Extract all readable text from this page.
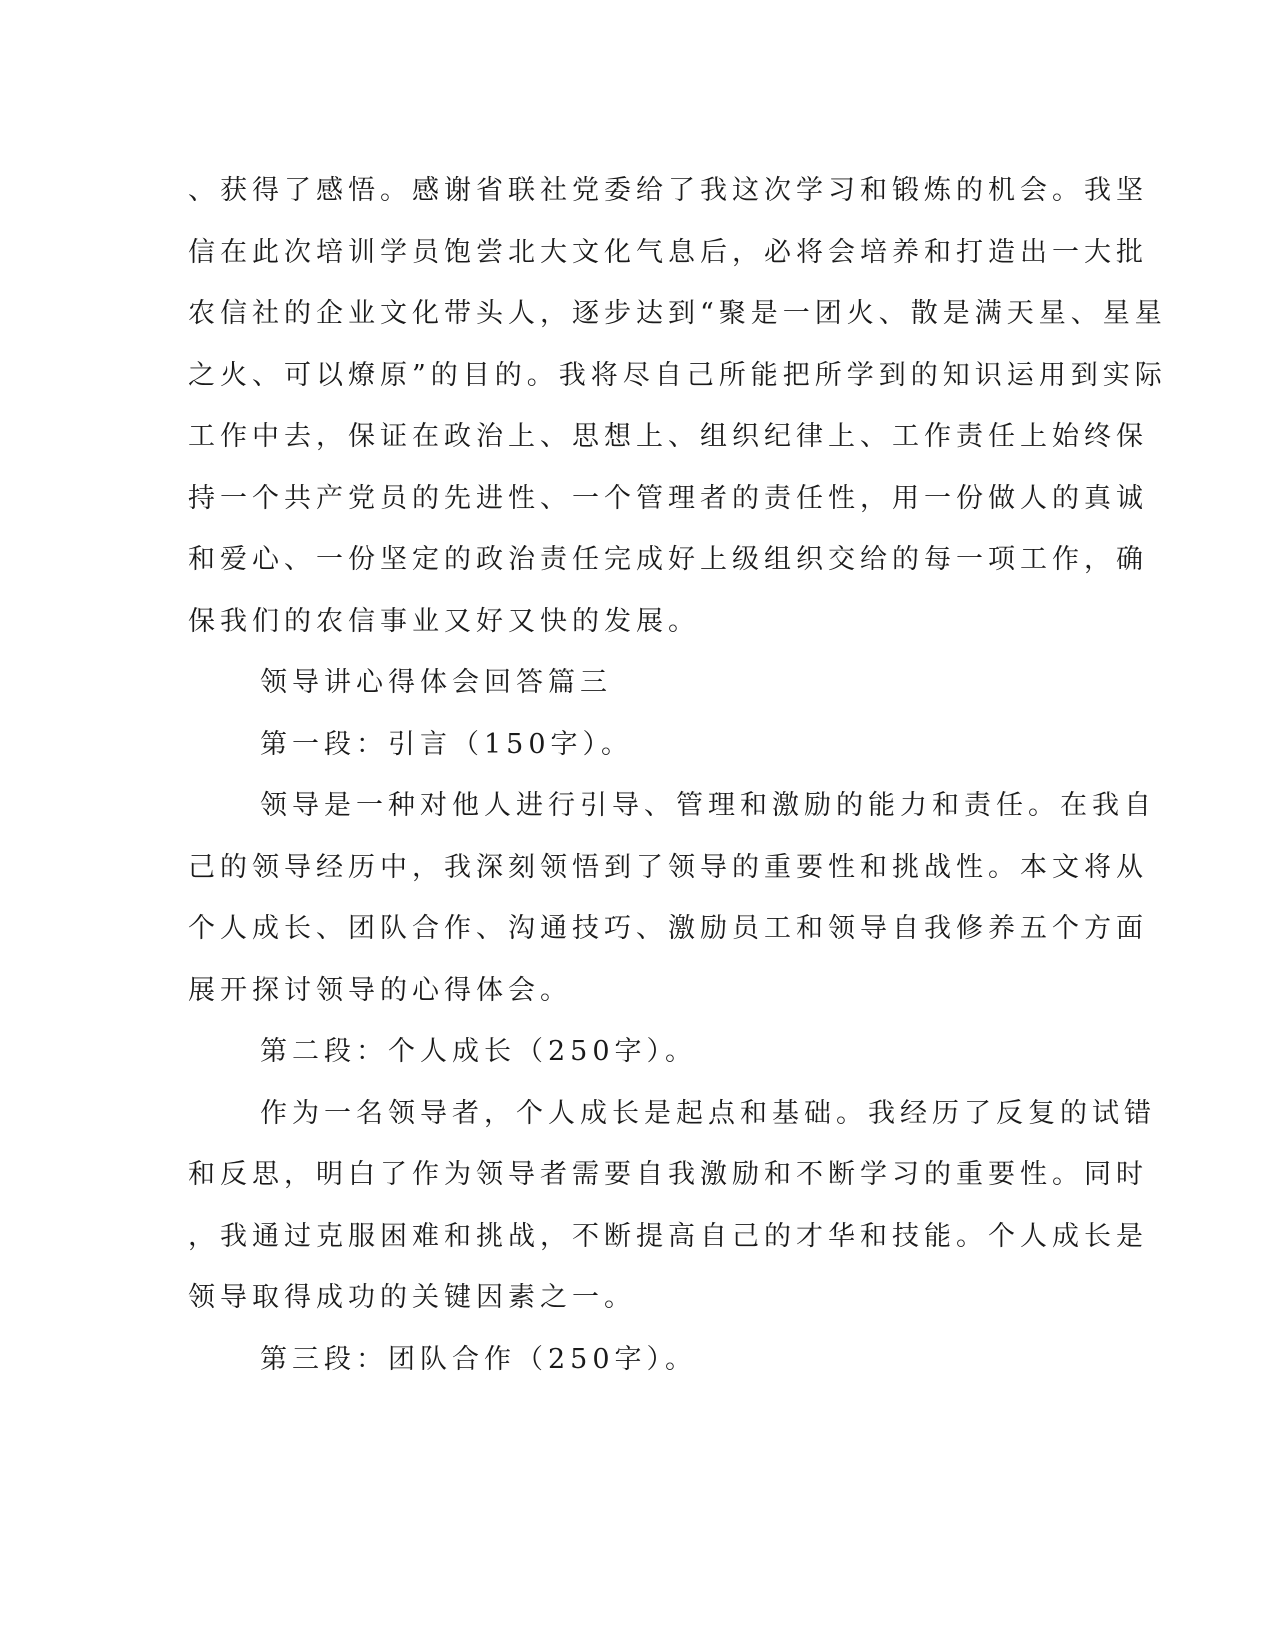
、获得了感悟。感谢省联社党委给了我这次学习和锻炼的机会。我坚
信在此次培训学员饱尝北大文化气息后，必将会培养和打造出一大批
农信社的企业文化带头人，逐步达到“聚是一团火、散是满天星、星星
之火、可以燎原”的目的。我将尽自己所能把所学到的知识运用到实际
工作中去，保证在政治上、思想上、组织纪律上、工作责任上始终保
持一个共产党员的先进性、一个管理者的责任性，用一份做人的真诚
和爱心、一份坚定的政治责任完成好上级组织交给的每一项工作，确
保我们的农信事业又好又快的发展。
领导讲心得体会回答篇三
第一段：引言（150字）。
领导是一种对他人进行引导、管理和激励的能力和责任。在我自
己的领导经历中，我深刻领悟到了领导的重要性和挑战性。本文将从
个人成长、团队合作、沟通技巧、激励员工和领导自我修养五个方面
展开探讨领导的心得体会。
第二段：个人成长（250字）。
作为一名领导者，个人成长是起点和基础。我经历了反复的试错
和反思，明白了作为领导者需要自我激励和不断学习的重要性。同时
，我通过克服困难和挑战，不断提高自己的才华和技能。个人成长是
领导取得成功的关键因素之一。
第三段：团队合作（250字）。
